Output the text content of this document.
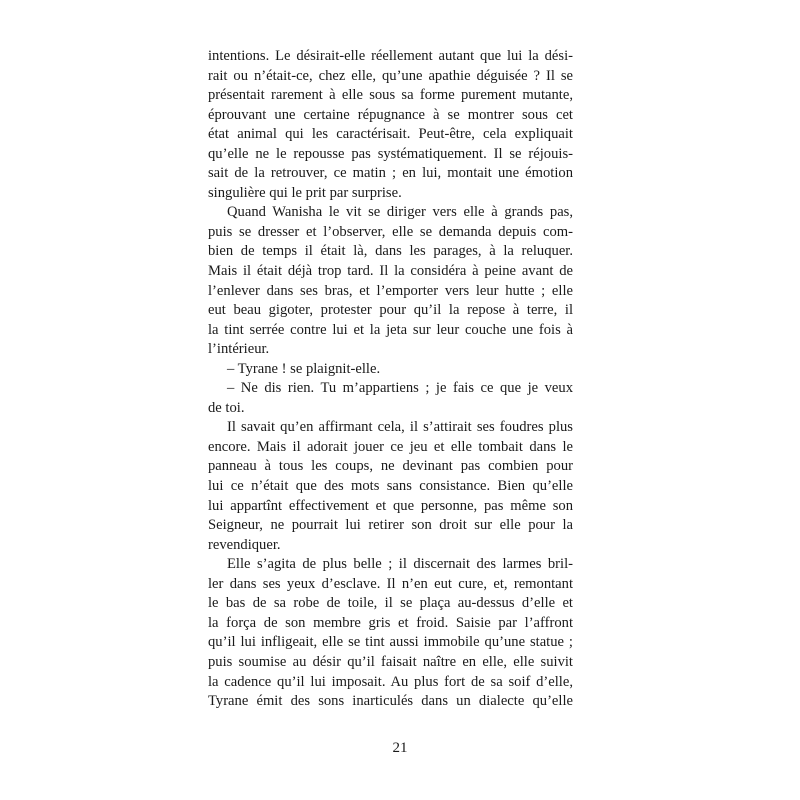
intentions. Le désirait-elle réellement autant que lui la dési-
rait ou n’était-ce, chez elle, qu’une apathie déguisée ? Il se
présentait rarement à elle sous sa forme purement mutante,
éprouvant une certaine répugnance à se montrer sous cet
état animal qui les caractérisait. Peut-être, cela expliquait
qu’elle ne le repousse pas systématiquement. Il se réjouis-
sait de la retrouver, ce matin ; en lui, montait une émotion
singulière qui le prit par surprise.
Quand Wanisha le vit se diriger vers elle à grands pas,
puis se dresser et l’observer, elle se demanda depuis com-
bien de temps il était là, dans les parages, à la reluquer.
Mais il était déjà trop tard. Il la considéra à peine avant de
l’enlever dans ses bras, et l’emporter vers leur hutte ; elle
eut beau gigoter, protester pour qu’il la repose à terre, il
la tint serrée contre lui et la jeta sur leur couche une fois à
l’intérieur.
– Tyrane ! se plaignit-elle.
– Ne dis rien. Tu m’appartiens ; je fais ce que je veux
de toi.
Il savait qu’en affirmant cela, il s’attirait ses foudres plus
encore. Mais il adorait jouer ce jeu et elle tombait dans le
panneau à tous les coups, ne devinant pas combien pour
lui ce n’était que des mots sans consistance. Bien qu’elle
lui appartînt effectivement et que personne, pas même son
Seigneur, ne pourrait lui retirer son droit sur elle pour la
revendiquer.
Elle s’agita de plus belle ; il discernait des larmes bril-
ler dans ses yeux d’esclave. Il n’en eut cure, et, remontant
le bas de sa robe de toile, il se plaça au-dessus d’elle et
la força de son membre gris et froid. Saisie par l’affront
qu’il lui infligeait, elle se tint aussi immobile qu’une statue ;
puis soumise au désir qu’il faisait naître en elle, elle suivit
la cadence qu’il lui imposait. Au plus fort de sa soif d’elle,
Tyrane émit des sons inarticulés dans un dialecte qu’elle
21
